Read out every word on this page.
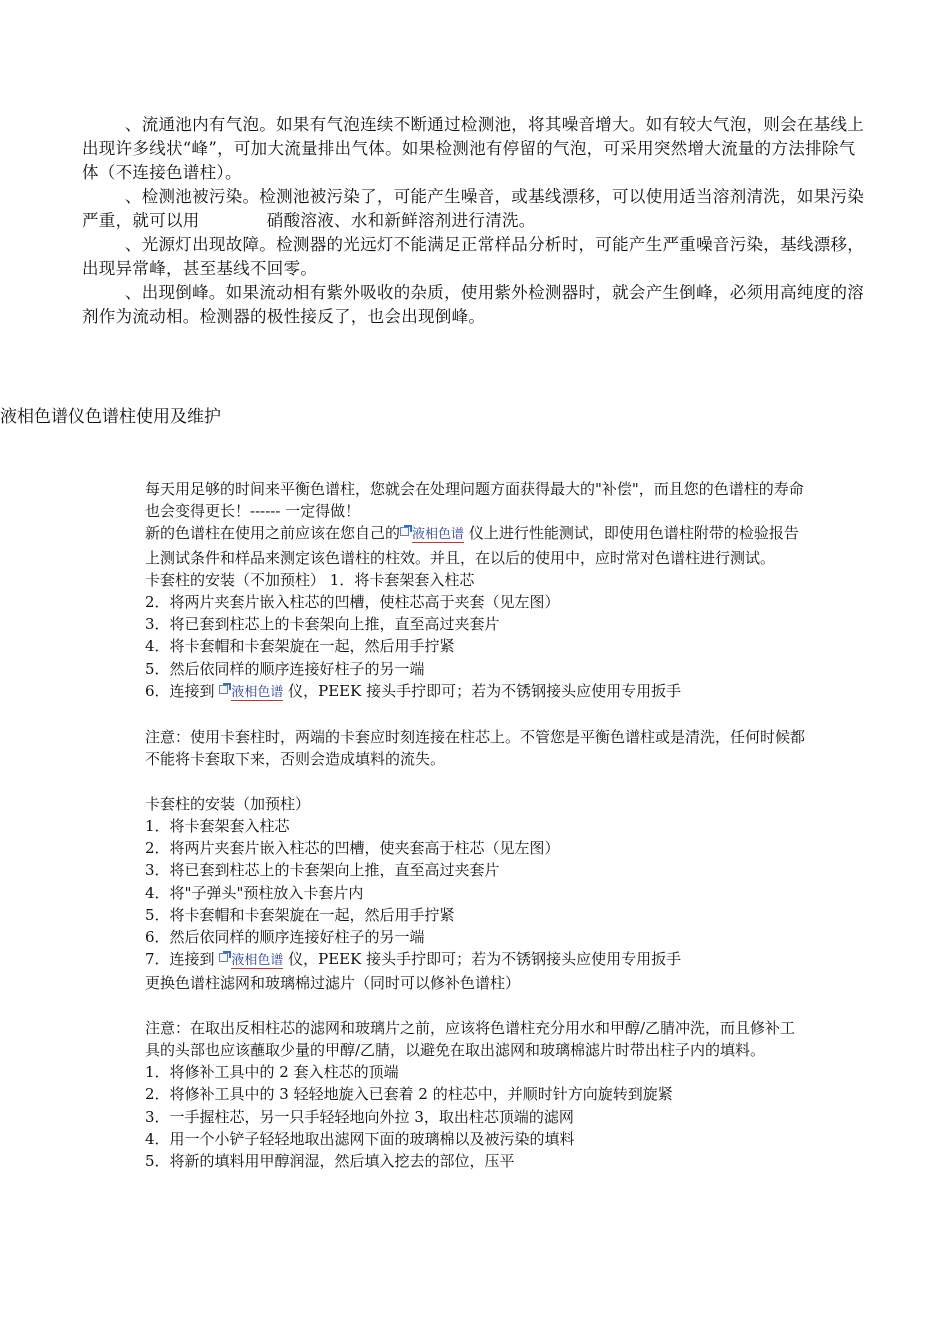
、流通池内有气泡。如果有气泡连续不断通过检测池，将其噪音增大。如有较大气泡，则会在基线上出现许多线状“峰”，可加大流量排出气体。如果检测池有停留的气泡，可采用突然增大流量的方法排除气体（不连接色谱柱）。

、检测池被污染。检测池被污染了，可能产生噪音，或基线漂移，可以使用适当溶剂清洗，如果污染严重，就可以用　　　　硝酸溶液、水和新鲜溶剂进行清洗。

、光源灯出现故障。检测器的光远灯不能满足正常样品分析时，可能产生严重噪音污染，基线漂移，出现异常峰，甚至基线不回零。

、出现倒峰。如果流动相有紫外吸收的杂质，使用紫外检测器时，就会产生倒峰，必须用高纯度的溶剂作为流动相。检测器的极性接反了，也会出现倒峰。

液相色谱仪色谱柱使用及维护

每天用足够的时间来平衡色谱柱，您就会在处理问题方面获得最大的"补偿"，而且您的色谱柱的寿命也会变得更长！------ 一定得做！

新的色谱柱在使用之前应该在您自己的 液相色谱 仪上进行性能测试，即使用色谱柱附带的检验报告上测试条件和样品来测定该色谱柱的柱效。并且，在以后的使用中，应时常对色谱柱进行测试。

卡套柱的安装（不加预柱） 1．将卡套架套入柱芯

2．将两片夹套片嵌入柱芯的凹槽，使柱芯高于夹套（见左图）

3．将已套到柱芯上的卡套架向上推，直至高过夹套片

4．将卡套帽和卡套架旋在一起，然后用手拧紧

5．然后依同样的顺序连接好柱子的另一端

6．连接到 液相色谱 仪，PEEK 接头手拧即可；若为不锈钢接头应使用专用扳手

注意：使用卡套柱时，两端的卡套应时刻连接在柱芯上。不管您是平衡色谱柱或是清洗，任何时候都不能将卡套取下来，否则会造成填料的流失。

卡套柱的安装（加预柱）

1．将卡套架套入柱芯

2．将两片夹套片嵌入柱芯的凹槽，使夹套高于柱芯（见左图）

3．将已套到柱芯上的卡套架向上推，直至高过夹套片

4．将"子弹头"预柱放入卡套片内

5．将卡套帽和卡套架旋在一起，然后用手拧紧

6．然后依同样的顺序连接好柱子的另一端

7．连接到 液相色谱 仪，PEEK 接头手拧即可；若为不锈钢接头应使用专用扳手

更换色谱柱滤网和玻璃棉过滤片（同时可以修补色谱柱）

注意：在取出反相柱芯的滤网和玻璃片之前，应该将色谱柱充分用水和甲醇/乙腈冲洗，而且修补工具的头部也应该蘸取少量的甲醇/乙腈，以避免在取出滤网和玻璃棉滤片时带出柱子内的填料。

1．将修补工具中的 2 套入柱芯的顶端

2．将修补工具中的 3 轻轻地旋入已套着 2 的柱芯中，并顺时针方向旋转到旋紧

3．一手握柱芯，另一只手轻轻地向外拉 3，取出柱芯顶端的滤网

4．用一个小铲子轻轻地取出滤网下面的玻璃棉以及被污染的填料

5．将新的填料用甲醇润湿，然后填入挖去的部位，压平
